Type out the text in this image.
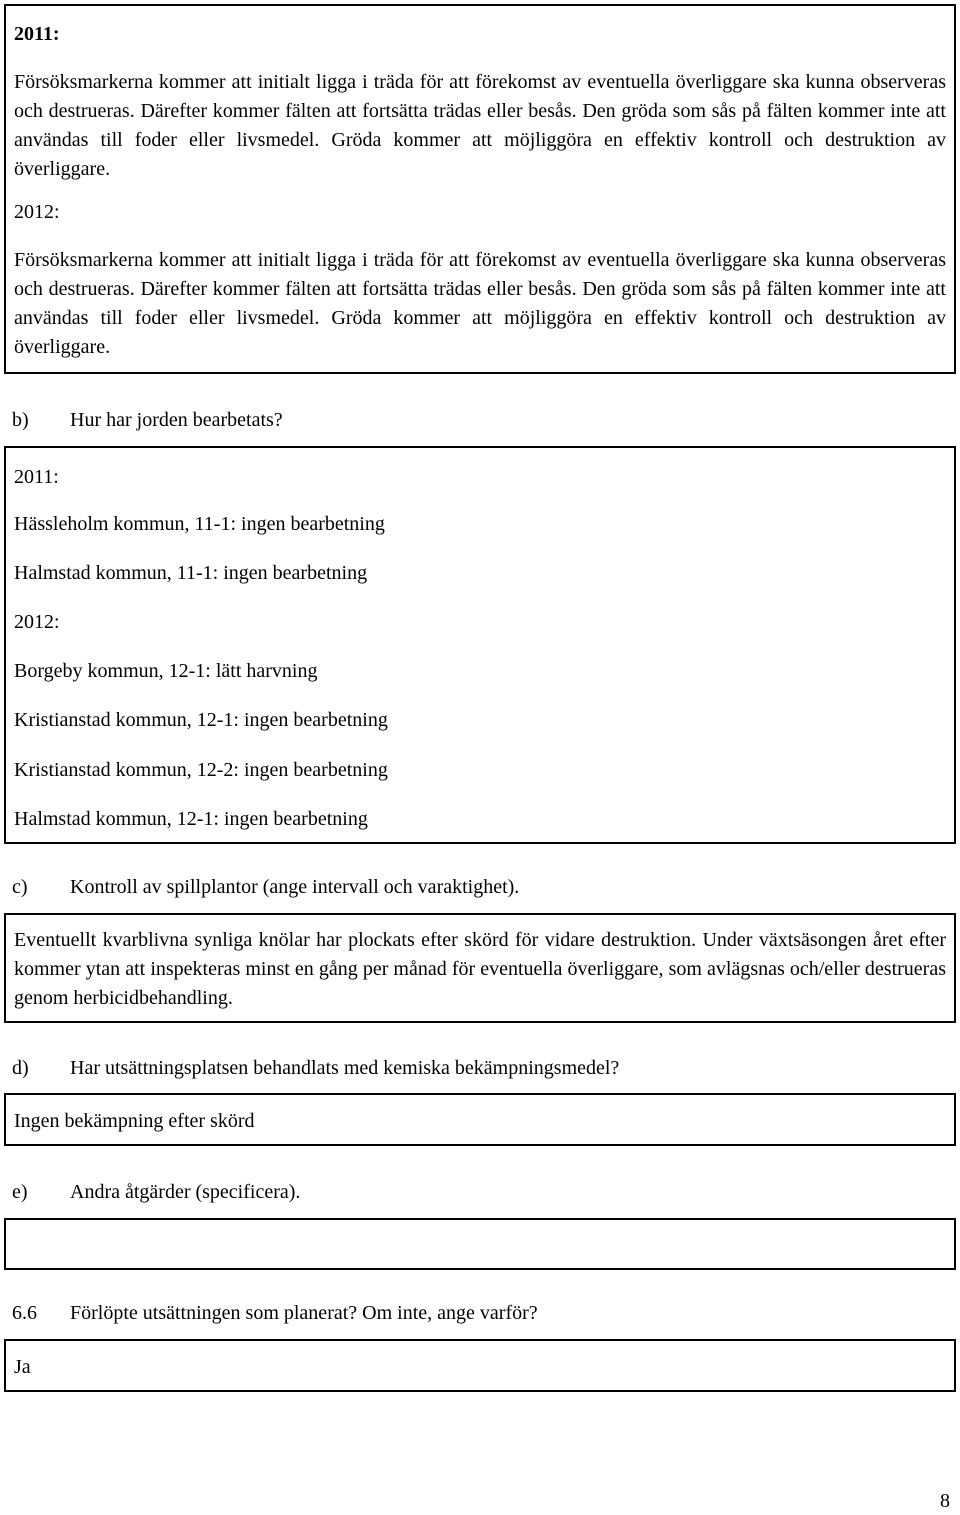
2011:

Försöksmarkerna kommer att initialt ligga i träda för att förekomst av eventuella överliggare ska kunna observeras och destrueras. Därefter kommer fälten att fortsätta trädas eller besås. Den gröda som sås på fälten kommer inte att användas till foder eller livsmedel. Gröda kommer att möjliggöra en effektiv kontroll och destruktion av överliggare.

2012:

Försöksmarkerna kommer att initialt ligga i träda för att förekomst av eventuella överliggare ska kunna observeras och destrueras. Därefter kommer fälten att fortsätta trädas eller besås. Den gröda som sås på fälten kommer inte att användas till foder eller livsmedel. Gröda kommer att möjliggöra en effektiv kontroll och destruktion av överliggare.

b) Hur har jorden bearbetats?
2011:
Hässleholm kommun, 11-1: ingen bearbetning
Halmstad kommun, 11-1: ingen bearbetning
2012:
Borgeby kommun, 12-1: lätt harvning
Kristianstad kommun, 12-1: ingen bearbetning
Kristianstad kommun, 12-2: ingen bearbetning
Halmstad kommun, 12-1: ingen bearbetning
c) Kontroll av spillplantor (ange intervall och varaktighet).

Eventuellt kvarblivna synliga knölar har plockats efter skörd för vidare destruktion. Under växtsäsongen året efter kommer ytan att inspekteras minst en gång per månad för eventuella överliggare, som avlägsnas och/eller destrueras genom herbicidbehandling.

d) Har utsättningsplatsen behandlats med kemiska bekämpningsmedel?
Ingen bekämpning efter skörd
e) Andra åtgärder (specificera).
6.6 Förlöpte utsättningen som planerat? Om inte, ange varför?
Ja
8
